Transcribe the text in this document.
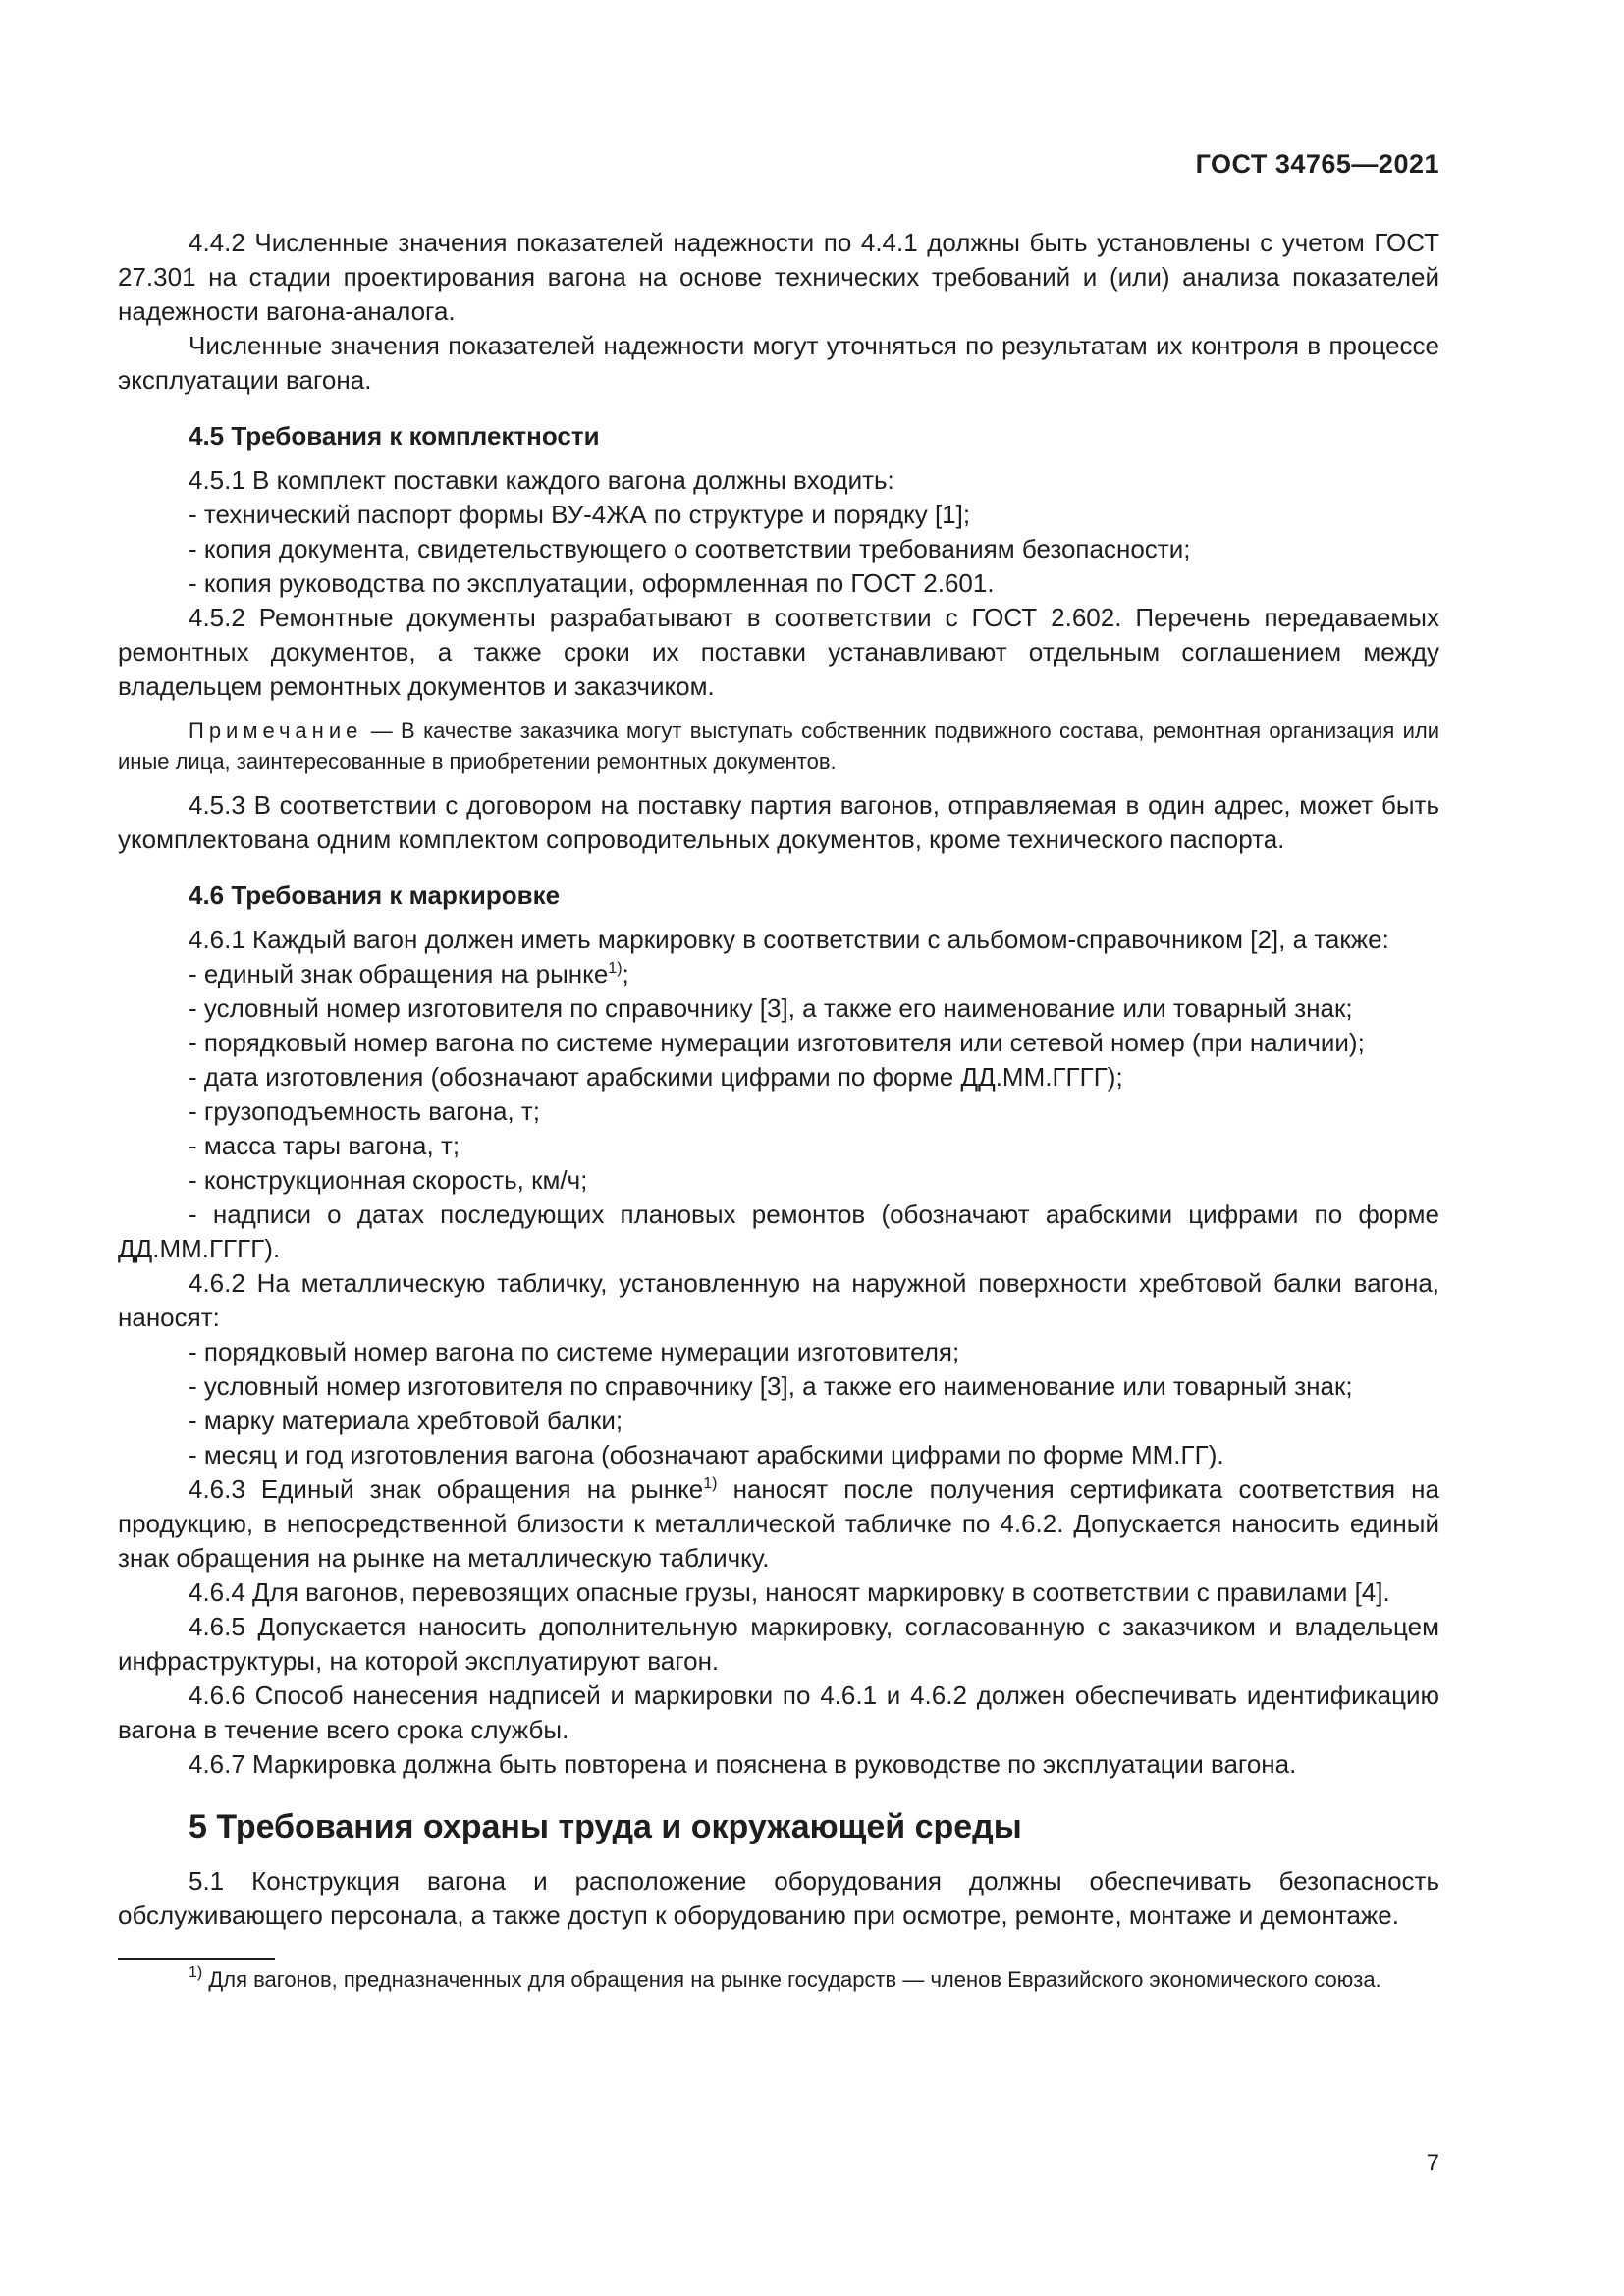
ГОСТ 34765—2021

4.4.2 Численные значения показателей надежности по 4.4.1 должны быть установлены с учетом ГОСТ 27.301 на стадии проектирования вагона на основе технических требований и (или) анализа показателей надежности вагона-аналога.

Численные значения показателей надежности могут уточняться по результатам их контроля в процессе эксплуатации вагона.

4.5 Требования к комплектности

4.5.1 В комплект поставки каждого вагона должны входить:

- технический паспорт формы ВУ-4ЖА по структуре и порядку [1];

- копия документа, свидетельствующего о соответствии требованиям безопасности;

- копия руководства по эксплуатации, оформленная по ГОСТ 2.601.

4.5.2 Ремонтные документы разрабатывают в соответствии с ГОСТ 2.602. Перечень передаваемых ремонтных документов, а также сроки их поставки устанавливают отдельным соглашением между владельцем ремонтных документов и заказчиком.

Примечание — В качестве заказчика могут выступать собственник подвижного состава, ремонтная организация или иные лица, заинтересованные в приобретении ремонтных документов.

4.5.3 В соответствии с договором на поставку партия вагонов, отправляемая в один адрес, может быть укомплектована одним комплектом сопроводительных документов, кроме технического паспорта.

4.6 Требования к маркировке

4.6.1 Каждый вагон должен иметь маркировку в соответствии с альбомом-справочником [2], а также:

- единый знак обращения на рынке$^{1)}$;

- условный номер изготовителя по справочнику [3], а также его наименование или товарный знак;

- порядковый номер вагона по системе нумерации изготовителя или сетевой номер (при наличии);

- дата изготовления (обозначают арабскими цифрами по форме ДД.ММ.ГГГГ);

- грузоподъемность вагона, т;

- масса тары вагона, т;

- конструкционная скорость, км/ч;

- надписи о датах последующих плановых ремонтов (обозначают арабскими цифрами по форме ДД.ММ.ГГГГ).

4.6.2 На металлическую табличку, установленную на наружной поверхности хребтовой балки вагона, наносят:

- порядковый номер вагона по системе нумерации изготовителя;

- условный номер изготовителя по справочнику [3], а также его наименование или товарный знак;

- марку материала хребтовой балки;

- месяц и год изготовления вагона (обозначают арабскими цифрами по форме ММ.ГГ).

4.6.3 Единый знак обращения на рынке$^{1)}$ наносят после получения сертификата соответствия на продукцию, в непосредственной близости к металлической табличке по 4.6.2. Допускается наносить единый знак обращения на рынке на металлическую табличку.

4.6.4 Для вагонов, перевозящих опасные грузы, наносят маркировку в соответствии с правилами [4].

4.6.5 Допускается наносить дополнительную маркировку, согласованную с заказчиком и владельцем инфраструктуры, на которой эксплуатируют вагон.

4.6.6 Способ нанесения надписей и маркировки по 4.6.1 и 4.6.2 должен обеспечивать идентификацию вагона в течение всего срока службы.

4.6.7 Маркировка должна быть повторена и пояснена в руководстве по эксплуатации вагона.

5 Требования охраны труда и окружающей среды

5.1 Конструкция вагона и расположение оборудования должны обеспечивать безопасность обслуживающего персонала, а также доступ к оборудованию при осмотре, ремонте, монтаже и демонтаже.

$^{1)}$ Для вагонов, предназначенных для обращения на рынке государств — членов Евразийского экономического союза.

7
